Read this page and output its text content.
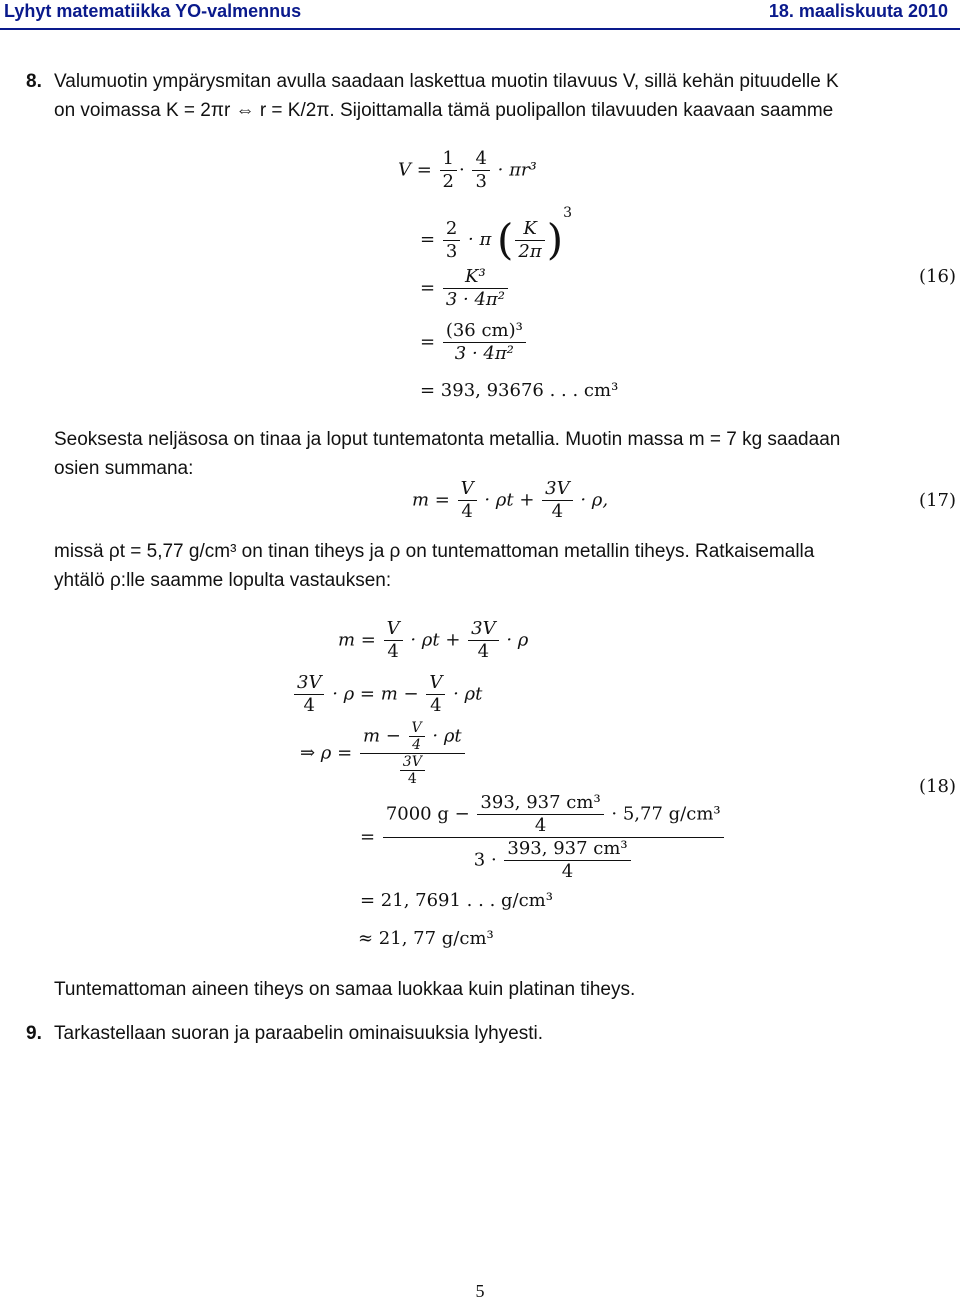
Lyhyt matematiikka YO-valmennus	18. maaliskuuta 2010
8. Valumuotin ympärysmitan avulla saadaan laskettua muotin tilavuus V, sillä kehän pituudelle K
on voimassa K = 2πr ⇔ r = K/2π. Sijoittamalla tämä puolipallon tilavuuden kaavaan saamme
$V = \frac{1}{2} \cdot \frac{4}{3} \cdot \pi r^3$
= $\frac{2}{3} \cdot \pi$ ( $\frac{K}{2\pi} )^3$
= $\frac{\text{K³}}{\text{3 · 4π²}}$
= $\frac{\text{(36 cm)³}}{\text{3 · 4π²}}$
= 393, 93676 . . . cm³
(16)
Seoksesta neljäsosa on tinaa ja loput tuntematonta metallia. Muotin massa m = 7 kg saadaan
osien summana:
$m = \frac{V}{4} \cdot \rho t + \frac{3V}{4} \cdot \rho$,	(17)
missä ρt = 5,77 g/cm³ on tinan tiheys ja ρ on tuntemattoman metallin tiheys. Ratkaisemalla
yhtälö ρ:lle saamme lopulta vastauksen:
$m = \frac{V}{4} \cdot \rho t + \frac{3V}{4} \cdot \rho$
$\frac{3V}{4} \cdot \rho = m - \frac{V}{4} \cdot \rho t$
⇒ $\rho = \frac{m - \frac{V}{4} \cdot \rho t}{\frac{3V}{4}}$
= $\frac{7000 g - \frac{\text{393, 937 cm³}}{4} \cdot 5,77 g/cm^3}{3 \cdot \frac{\text{393, 937 cm³}}{4}}$
= 21, 7691 . . . g/cm³
≈ 21, 77 g/cm³
(18)
Tuntemattoman aineen tiheys on samaa luokkaa kuin platinan tiheys.
9. Tarkastellaan suoran ja paraabelin ominaisuuksia lyhyesti.
5
